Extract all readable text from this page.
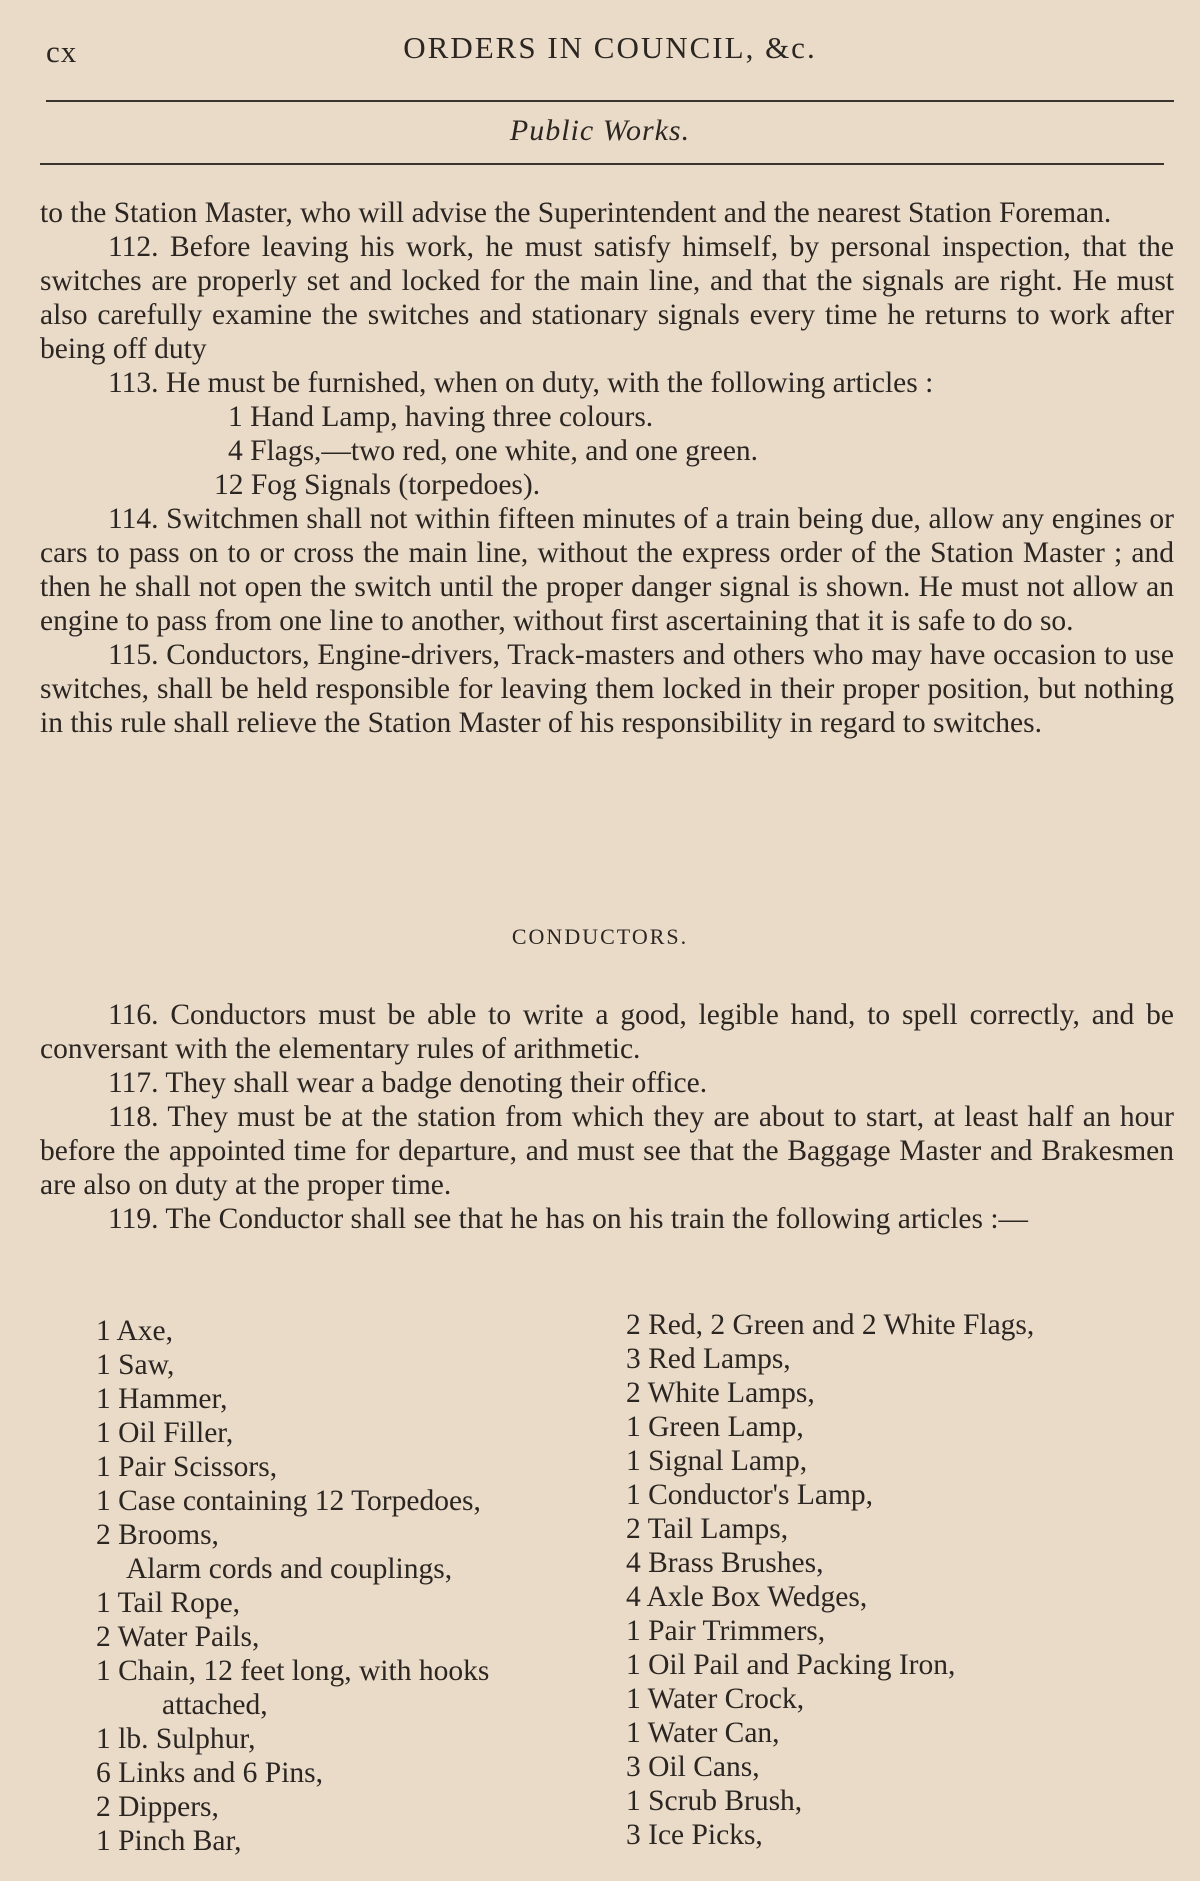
cx	ORDERS IN COUNCIL, &c.
Public Works.

to the Station Master, who will advise the Superintendent and the nearest Station Foreman.

112. Before leaving his work, he must satisfy himself, by personal inspection, that the switches are properly set and locked for the main line, and that the signals are right. He must also carefully examine the switches and stationary signals every time he returns to work after being off duty

113. He must be furnished, when on duty, with the following articles :

1 Hand Lamp, having three colours.
4 Flags,—two red, one white, and one green.
12 Fog Signals (torpedoes).

114. Switchmen shall not within fifteen minutes of a train being due, allow any engines or cars to pass on to or cross the main line, without the express order of the Station Master ; and then he shall not open the switch until the proper danger signal is shown. He must not allow an engine to pass from one line to another, without first ascertaining that it is safe to do so.

115. Conductors, Engine-drivers, Track-masters and others who may have occasion to use switches, shall be held responsible for leaving them locked in their proper position, but nothing in this rule shall relieve the Station Master of his responsibility in regard to switches.

CONDUCTORS.

116. Conductors must be able to write a good, legible hand, to spell correctly, and be conversant with the elementary rules of arithmetic.

117. They shall wear a badge denoting their office.

118. They must be at the station from which they are about to start, at least half an hour before the appointed time for departure, and must see that the Baggage Master and Brakesmen are also on duty at the proper time.

119. The Conductor shall see that he has on his train the following articles :—

1 Axe,
1 Saw,
1 Hammer,
1 Oil Filler,
1 Pair Scissors,
1 Case containing 12 Torpedoes,
2 Brooms,
Alarm cords and couplings,
1 Tail Rope,
2 Water Pails,
1 Chain, 12 feet long, with hooks
attached,
1 lb. Sulphur,
6 Links and 6 Pins,
2 Dippers,
1 Pinch Bar,
2 Red, 2 Green and 2 White Flags,
3 Red Lamps,
2 White Lamps,
1 Green Lamp,
1 Signal Lamp,
1 Conductor's Lamp,
2 Tail Lamps,
4 Brass Brushes,
4 Axle Box Wedges,
1 Pair Trimmers,
1 Oil Pail and Packing Iron,
1 Water Crock,
1 Water Can,
3 Oil Cans,
1 Scrub Brush,
3 Ice Picks,
